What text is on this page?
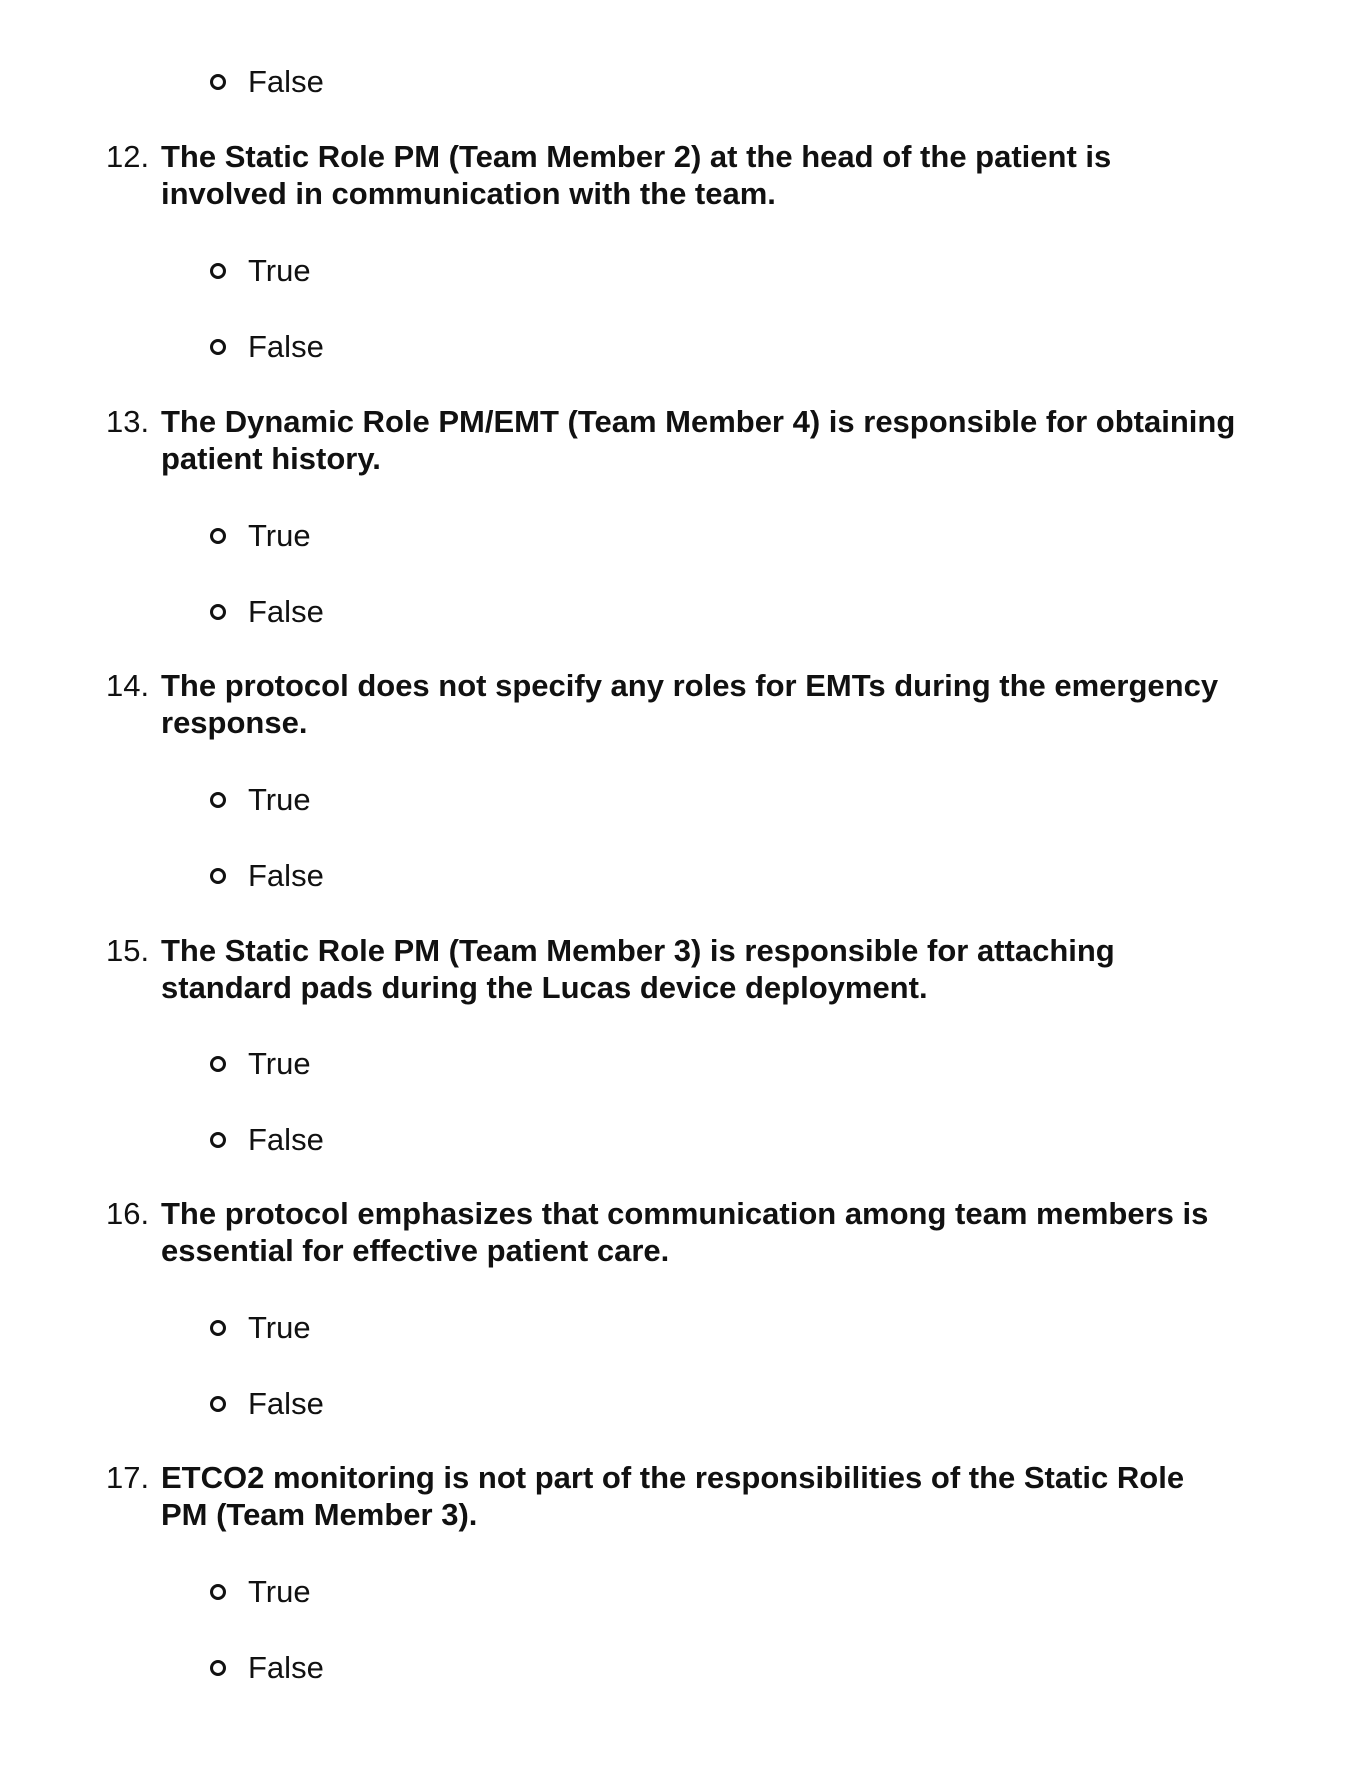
False
12. The Static Role PM (Team Member 2) at the head of the patient is
involved in communication with the team.
True
False
13. The Dynamic Role PM/EMT (Team Member 4) is responsible for obtaining
patient history.
True
False
14. The protocol does not specify any roles for EMTs during the emergency
response.
True
False
15. The Static Role PM (Team Member 3) is responsible for attaching
standard pads during the Lucas device deployment.
True
False
16. The protocol emphasizes that communication among team members is
essential for effective patient care.
True
False
17. ETCO2 monitoring is not part of the responsibilities of the Static Role
PM (Team Member 3).
True
False
